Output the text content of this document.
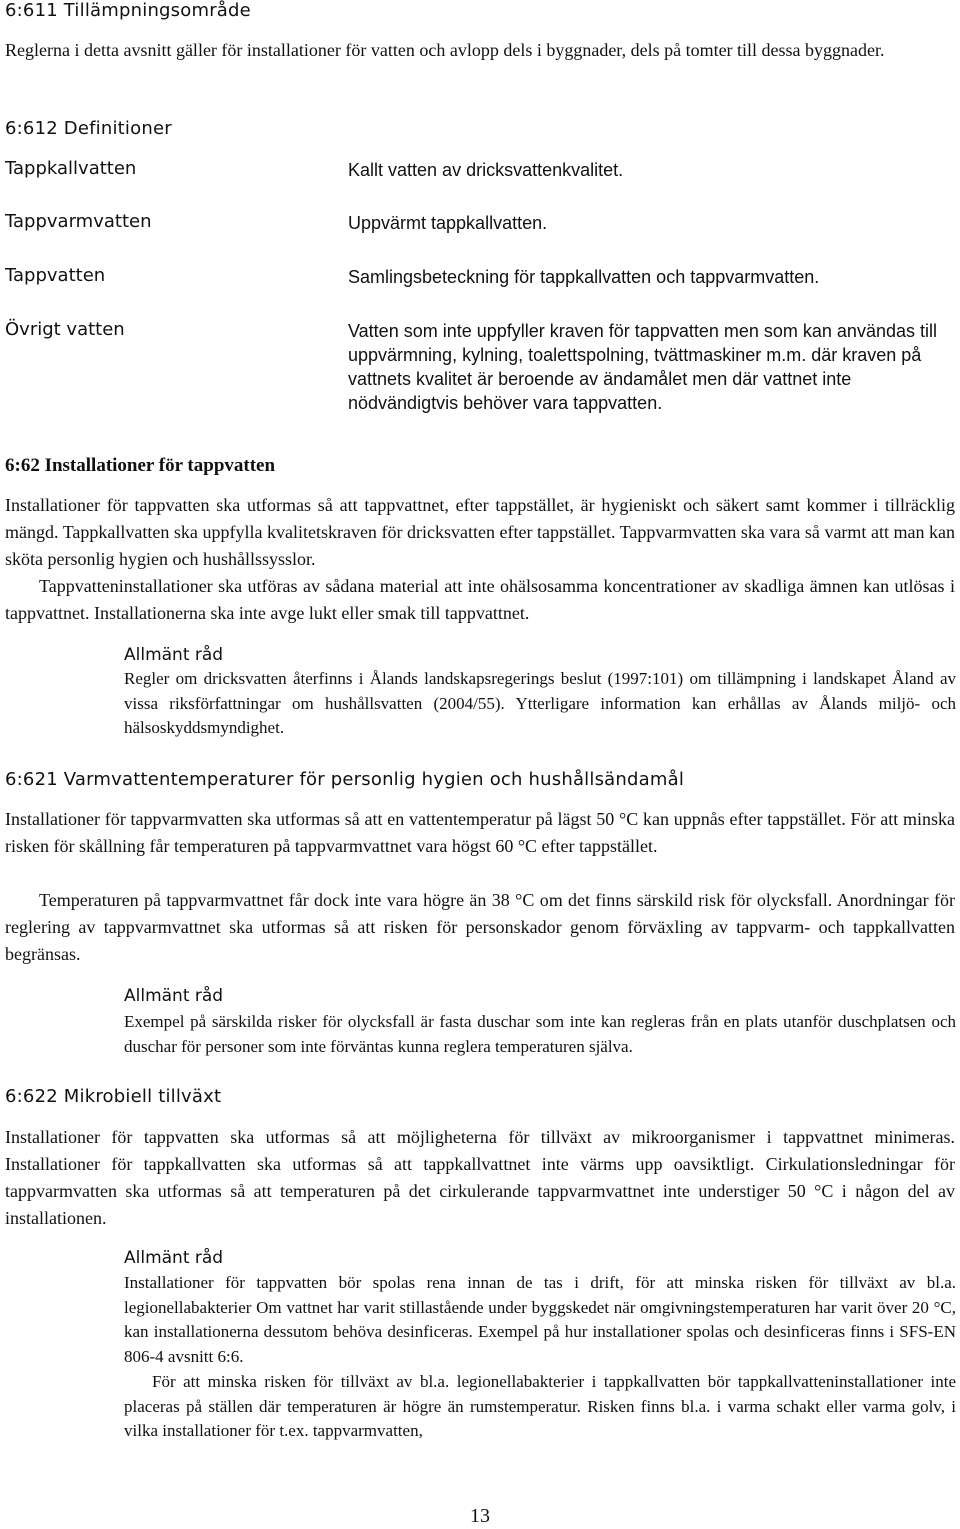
6:611 Tillämpningsområde

Reglerna i detta avsnitt gäller för installationer för vatten och avlopp dels i byggnader, dels på tomter till dessa byggnader.

6:612 Definitioner
Tappkallvatten	Kallt vatten av dricksvattenkvalitet.
Tappvarmvatten	Uppvärmt tappkallvatten.
Tappvatten	Samlingsbeteckning för tappkallvatten och tappvarmvatten.
Övrigt vatten	Vatten som inte uppfyller kraven för tappvatten men som kan användas till uppvärmning, kylning, toalettspolning, tvättmaskiner m.m. där kraven på vattnets kvalitet är beroende av ändamålet men där vattnet inte nödvändigtvis behöver vara tappvatten.
6:62 Installationer för tappvatten

Installationer för tappvatten ska utformas så att tappvattnet, efter tappstället, är hygieniskt och säkert samt kommer i tillräcklig mängd. Tappkallvatten ska uppfylla kvalitetskraven för dricksvatten efter tappstället. Tappvarmvatten ska vara så varmt att man kan sköta personlig hygien och hushållssysslor.

Tappvatteninstallationer ska utföras av sådana material att inte ohälsosamma koncentrationer av skadliga ämnen kan utlösas i tappvattnet. Installationerna ska inte avge lukt eller smak till tappvattnet.

Allmänt råd

Regler om dricksvatten återfinns i Ålands landskapsregerings beslut (1997:101) om tillämpning i landskapet Åland av vissa riksförfattningar om hushållsvatten (2004/55). Ytterligare information kan erhållas av Ålands miljö- och hälsoskyddsmyndighet.

6:621 Varmvattentemperaturer för personlig hygien och hushållsändamål

Installationer för tappvarmvatten ska utformas så att en vattentemperatur på lägst 50 °C kan uppnås efter tappstället. För att minska risken för skållning får temperaturen på tappvarmvattnet vara högst 60 °C efter tappstället.

Temperaturen på tappvarmvattnet får dock inte vara högre än 38 °C om det finns särskild risk för olycksfall. Anordningar för reglering av tappvarmvattnet ska utformas så att risken för personskador genom förväxling av tappvarm- och tappkallvatten begränsas.

Allmänt råd

Exempel på särskilda risker för olycksfall är fasta duschar som inte kan regleras från en plats utanför duschplatsen och duschar för personer som inte förväntas kunna reglera temperaturen själva.

6:622 Mikrobiell tillväxt

Installationer för tappvatten ska utformas så att möjligheterna för tillväxt av mikroorganismer i tappvattnet minimeras. Installationer för tappkallvatten ska utformas så att tappkallvattnet inte värms upp oavsiktligt. Cirkulationsledningar för tappvarmvatten ska utformas så att temperaturen på det cirkulerande tappvarmvattnet inte understiger 50 °C i någon del av installationen.

Allmänt råd

Installationer för tappvatten bör spolas rena innan de tas i drift, för att minska risken för tillväxt av bl.a. legionellabakterier Om vattnet har varit stillastående under byggskedet när omgivningstemperaturen har varit över 20 °C, kan installationerna dessutom behöva desinficeras. Exempel på hur installationer spolas och desinficeras finns i SFS-EN 806-4 avsnitt 6:6.

För att minska risken för tillväxt av bl.a. legionellabakterier i tappkallvatten bör tappkallvatteninstallationer inte placeras på ställen där temperaturen är högre än rumstemperatur. Risken finns bl.a. i varma schakt eller varma golv, i vilka installationer för t.ex. tappvarmvatten,

13
